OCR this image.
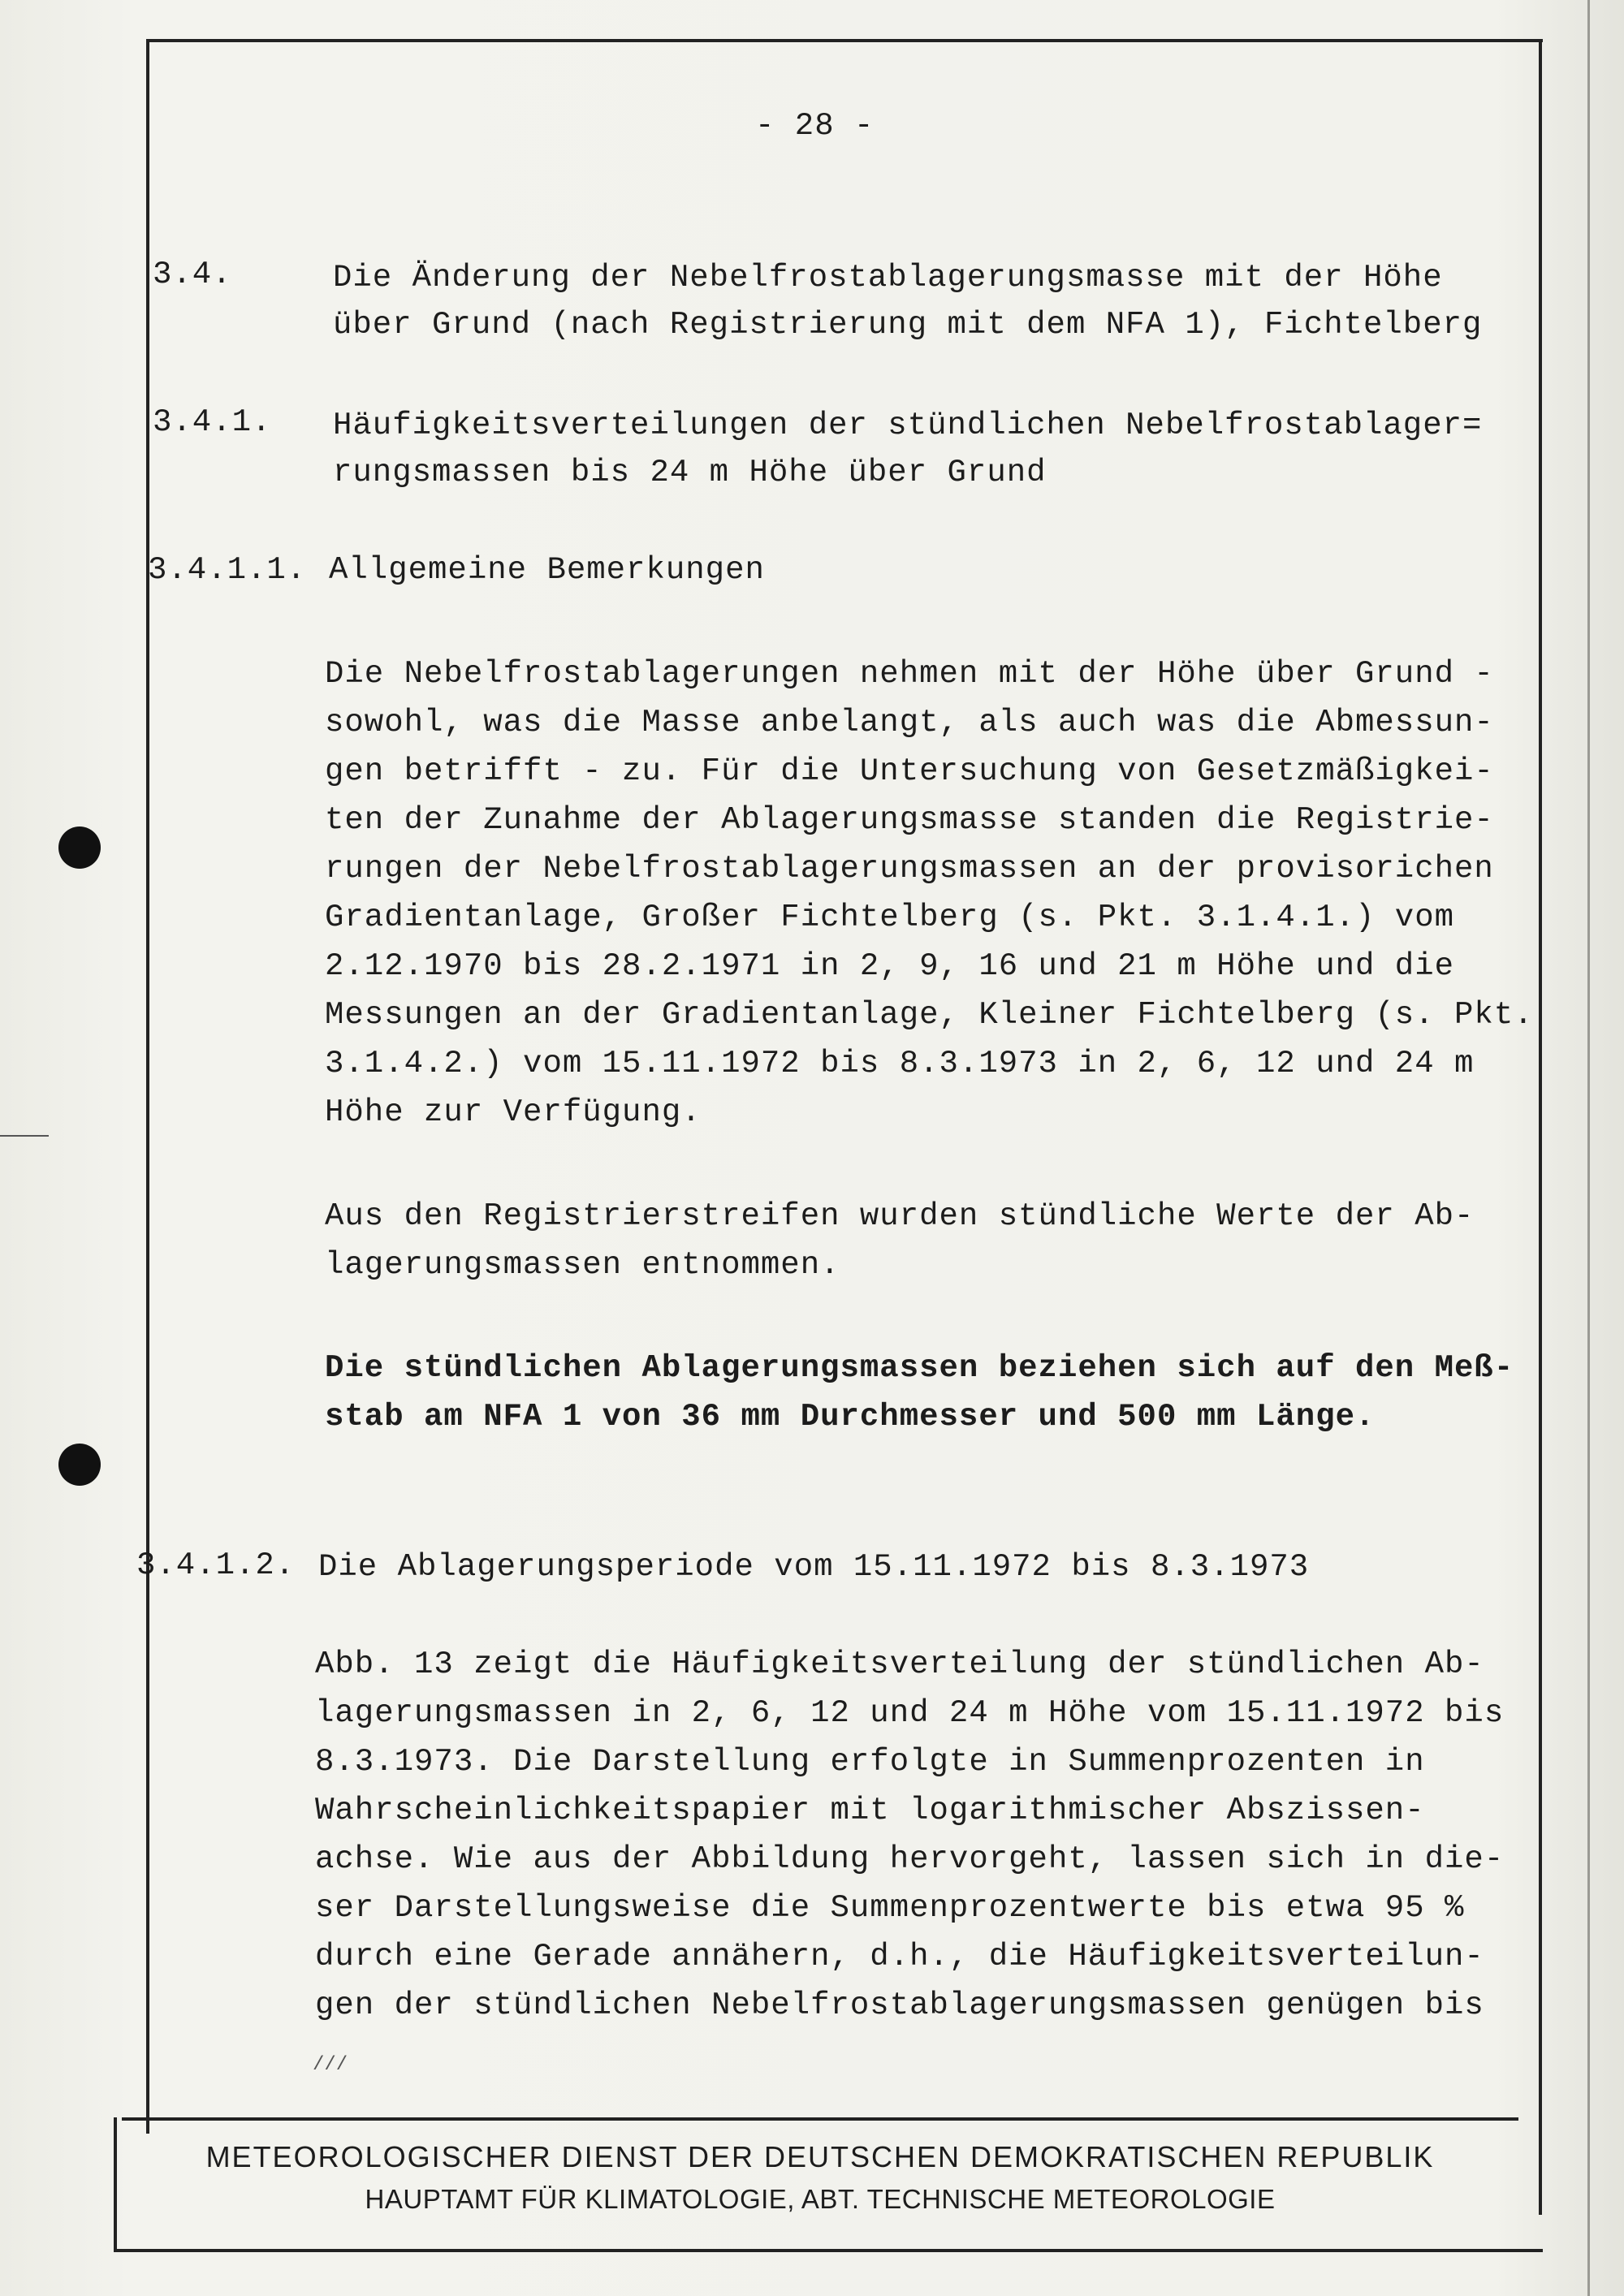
- 28 -
3.4.	Die Änderung der Nebelfrostablagerungsmasse mit der Höhe
über Grund (nach Registrierung mit dem NFA 1), Fichtelberg
3.4.1. Häufigkeitsverteilungen der stündlichen Nebelfrostablager=
rungsmassen bis 24 m Höhe über Grund
3.4.1.1. Allgemeine Bemerkungen
Die Nebelfrostablagerungen nehmen mit der Höhe über Grund -
sowohl, was die Masse anbelangt, als auch was die Abmessun-
gen betrifft - zu. Für die Untersuchung von Gesetzmäßigkei-
ten der Zunahme der Ablagerungsmasse standen die Registrie-
rungen der Nebelfrostablagerungsmassen an der provisorichen
Gradientanlage, Großer Fichtelberg (s. Pkt. 3.1.4.1.) vom
2.12.1970 bis 28.2.1971 in 2, 9, 16 und 21 m Höhe und die
Messungen an der Gradientanlage, Kleiner Fichtelberg (s. Pkt.
3.1.4.2.) vom 15.11.1972 bis 8.3.1973 in 2, 6, 12 und 24 m
Höhe zur Verfügung.
Aus den Registrierstreifen wurden stündliche Werte der Ab-
lagerungsmassen entnommen.
Die stündlichen Ablagerungsmassen beziehen sich auf den Meß-
stab am NFA 1 von 36 mm Durchmesser und 500 mm Länge.
3.4.1.2. Die Ablagerungsperiode vom 15.11.1972 bis 8.3.1973
Abb. 13 zeigt die Häufigkeitsverteilung der stündlichen Ab-
lagerungsmassen in 2, 6, 12 und 24 m Höhe vom 15.11.1972 bis
8.3.1973. Die Darstellung erfolgte in Summenprozenten in
Wahrscheinlichkeitspapier mit logarithmischer Abszissen-
achse. Wie aus der Abbildung hervorgeht, lassen sich in die-
ser Darstellungsweise die Summenprozentwerte bis etwa 95 %
durch eine Gerade annähern, d.h., die Häufigkeitsverteilun-
gen der stündlichen Nebelfrostablagerungsmassen genügen bis
///
METEOROLOGISCHER DIENST DER DEUTSCHEN DEMOKRATISCHEN REPUBLIK
HAUPTAMT FÜR KLIMATOLOGIE, ABT. TECHNISCHE METEOROLOGIE
